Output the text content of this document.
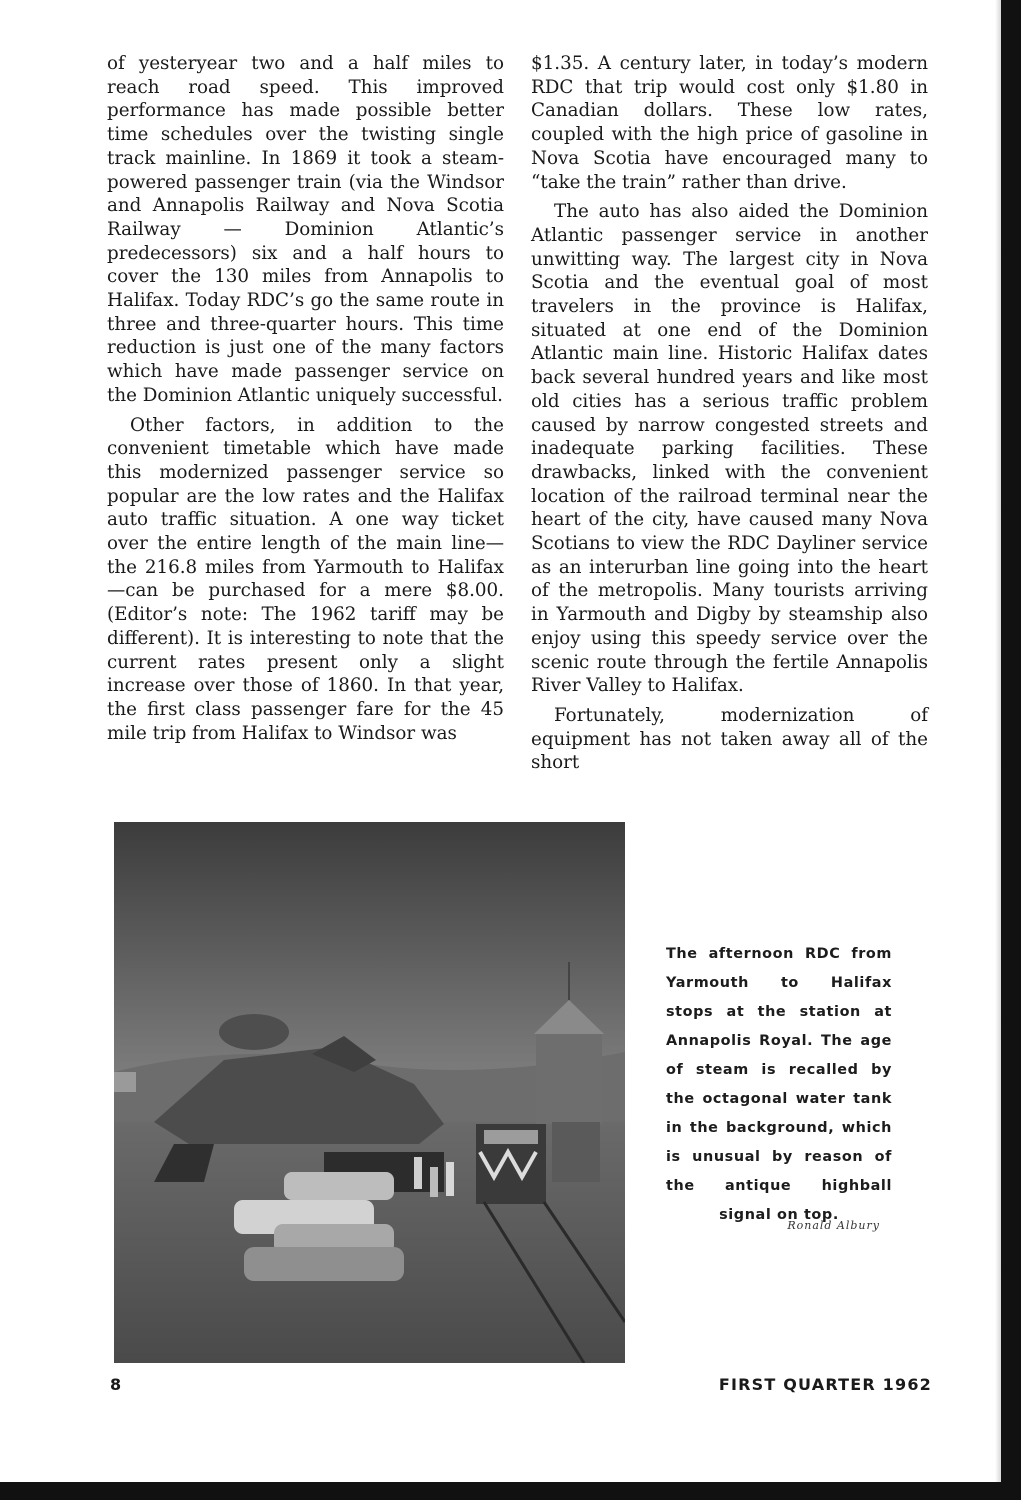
of yesteryear two and a half miles to reach road speed. This improved performance has made possible better time schedules over the twisting single track mainline. In 1869 it took a steam-powered passenger train (via the Windsor and Annapolis Railway and Nova Scotia Railway — Dominion Atlantic’s predecessors) six and a half hours to cover the 130 miles from Annapolis to Halifax. Today RDC’s go the same route in three and three-quarter hours. This time reduction is just one of the many factors which have made passenger service on the Dominion Atlantic uniquely successful.

Other factors, in addition to the convenient timetable which have made this modernized passenger service so popular are the low rates and the Halifax auto traffic situation. A one way ticket over the entire length of the main line—the 216.8 miles from Yarmouth to Halifax—can be purchased for a mere $8.00. (Editor’s note: The 1962 tariff may be different). It is interesting to note that the current rates present only a slight increase over those of 1860. In that year, the first class passenger fare for the 45 mile trip from Halifax to Windsor was

$1.35. A century later, in today’s modern RDC that trip would cost only $1.80 in Canadian dollars. These low rates, coupled with the high price of gasoline in Nova Scotia have encouraged many to “take the train” rather than drive.

The auto has also aided the Dominion Atlantic passenger service in another unwitting way. The largest city in Nova Scotia and the eventual goal of most travelers in the province is Halifax, situated at one end of the Dominion Atlantic main line. Historic Halifax dates back several hundred years and like most old cities has a serious traffic problem caused by narrow congested streets and inadequate parking facilities. These drawbacks, linked with the convenient location of the railroad terminal near the heart of the city, have caused many Nova Scotians to view the RDC Dayliner service as an interurban line going into the heart of the metropolis. Many tourists arriving in Yarmouth and Digby by steamship also enjoy using this speedy service over the scenic route through the fertile Annapolis River Valley to Halifax.

Fortunately, modernization of equipment has not taken away all of the short

The afternoon RDC from Yarmouth to Halifax stops at the station at Annapolis Royal. The age of steam is recalled by the octagonal water tank in the background, which is unusual by reason of the antique highball signal on top.
Ronald Albury
8	FIRST QUARTER 1962
